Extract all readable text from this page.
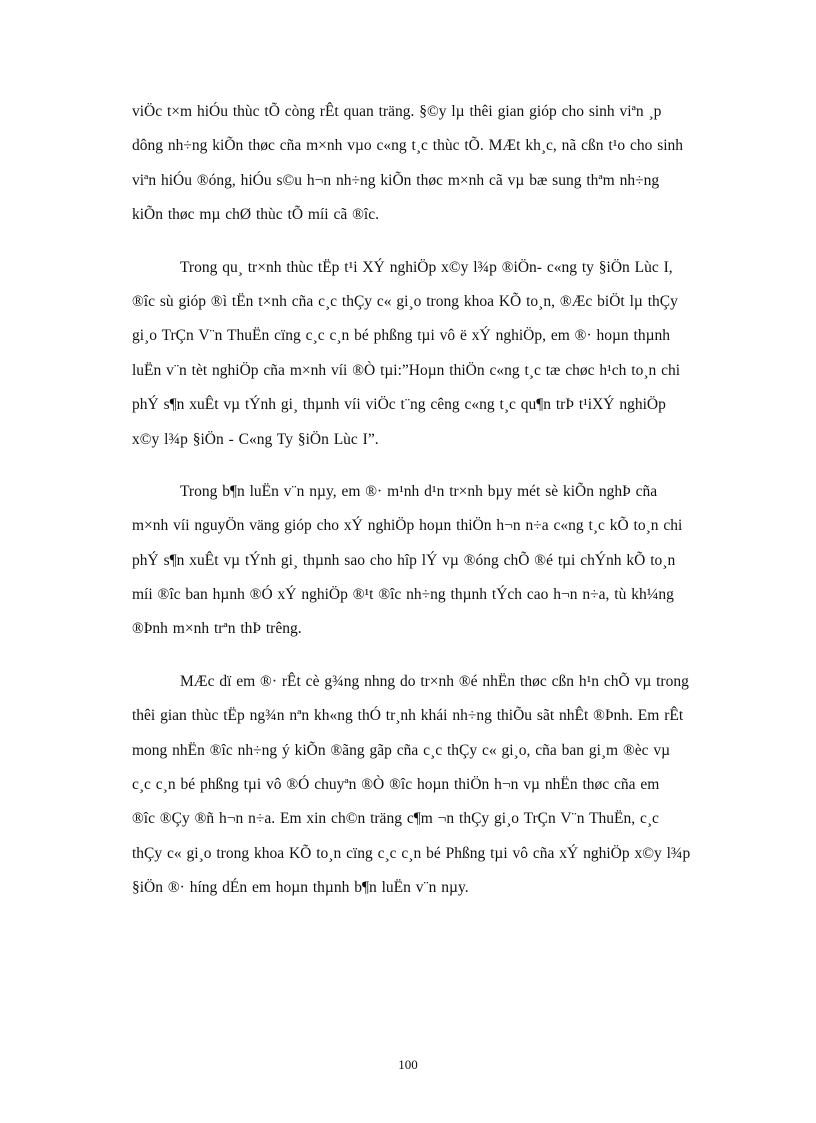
viÖc t×m hiÓu thùc tÕ còng rÊt quan träng. §©y lµ thêi gian gióp cho sinh viªn ¸p
dông nh÷ng kiÕn thøc cña m×nh vµo c«ng t¸c thùc tÕ. MÆt kh¸c, nã cßn t¹o cho sinh
viªn hiÓu ®óng, hiÓu s©u h¬n nh÷ng kiÕn thøc m×nh cã vµ bæ sung thªm nh÷ng
kiÕn thøc mµ chØ thùc tÕ míi cã ®îc.

Trong qu¸ tr×nh thùc tËp t¹i XÝ nghiÖp x©y l¾p ®iÖn- c«ng ty §iÖn Lùc I,
®îc sù gióp ®ì tËn t×nh cña c¸c thÇy c« gi¸o trong khoa KÕ to¸n, ®Æc biÖt lµ thÇy
gi¸o TrÇn V¨n ThuËn cïng c¸c c¸n bé phßng tµi vô ë xÝ nghiÖp, em ®· hoµn thµnh
luËn v¨n tèt nghiÖp cña m×nh víi ®Ò tµi:”Hoµn thiÖn c«ng t¸c tæ chøc h¹ch to¸n chi
phÝ s¶n xuÊt vµ tÝnh gi¸ thµnh víi viÖc t¨ng cêng c«ng t¸c qu¶n trÞ t¹iXÝ nghiÖp
x©y l¾p §iÖn - C«ng Ty §iÖn Lùc I”.

Trong b¶n luËn v¨n nµy, em ®· m¹nh d¹n tr×nh bµy mét sè kiÕn nghÞ cña
m×nh víi nguyÖn väng gióp cho xÝ nghiÖp hoµn thiÖn h¬n n÷a c«ng t¸c kÕ to¸n chi
phÝ s¶n xuÊt vµ tÝnh gi¸ thµnh sao cho hîp lÝ vµ ®óng chÕ ®é tµi chÝnh kÕ to¸n
míi ®îc ban hµnh ®Ó xÝ nghiÖp ®¹t ®îc nh÷ng thµnh tÝch cao h¬n n÷a, tù kh¼ng
®Þnh m×nh trªn thÞ trêng.

MÆc dï em ®· rÊt cè g¾ng nhng do tr×nh ®é nhËn thøc cßn h¹n chÕ vµ trong
thêi gian thùc tËp ng¾n nªn kh«ng thÓ tr¸nh khái nh÷ng thiÕu sãt nhÊt ®Þnh. Em rÊt
mong nhËn ®îc nh÷ng ý kiÕn ®ãng gãp cña c¸c thÇy c« gi¸o, cña ban gi¸m ®èc vµ
c¸c c¸n bé phßng tµi vô ®Ó chuyªn ®Ò ®îc hoµn thiÖn h¬n vµ nhËn thøc cña em
®îc ®Çy ®ñ h¬n n÷a. Em xin ch©n träng c¶m ¬n thÇy gi¸o TrÇn V¨n ThuËn, c¸c
thÇy c« gi¸o trong khoa KÕ to¸n cïng c¸c c¸n bé Phßng tµi vô cña xÝ nghiÖp x©y l¾p
§iÖn ®· híng dÉn em hoµn thµnh b¶n luËn v¨n nµy.

100
